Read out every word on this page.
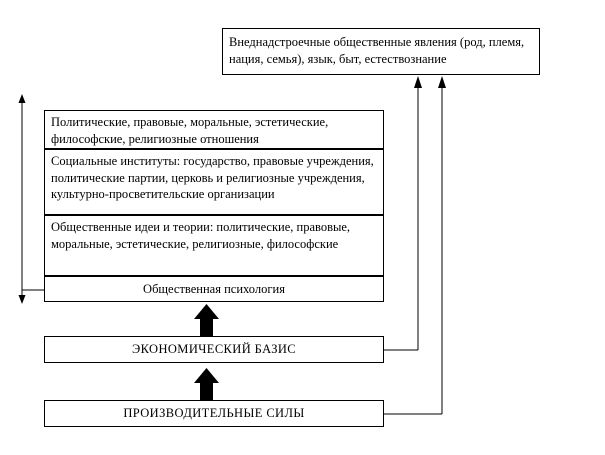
Внеднадстроечные общественные явления (род, племя, нация, семья), язык, быт, естествознание
Политические, правовые, моральные, эстетические, философские, религиозные отношения
Социальные институты: государство, правовые учреждения, политические партии, церковь и религиозные учреждения, культурно-просветительские организации
Общественные идеи и теории: политические, правовые, моральные, эстетические, религиозные, философские
Общественная психология
ЭКОНОМИЧЕСКИЙ БАЗИС
ПРОИЗВОДИТЕЛЬНЫЕ СИЛЫ
